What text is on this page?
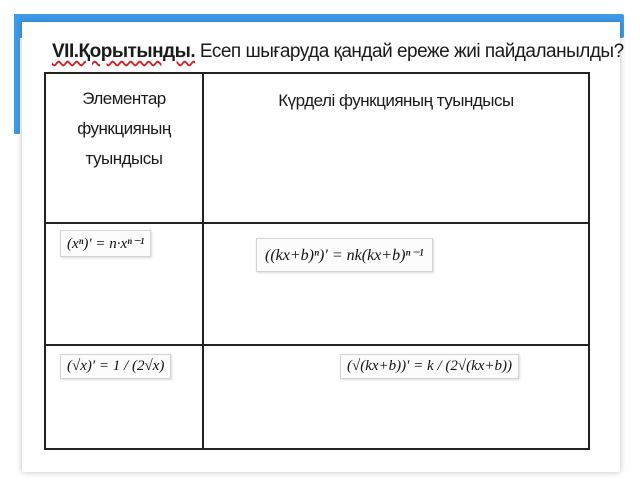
VII.Қорытынды. Есеп шығаруда қандай ереже жиі пайдаланылды?
Элементар функцияның туындысы	Күрделі функцияның туындысы

(xⁿ)′ = n·xⁿ⁻¹	((kx+b)ⁿ)′ = nk(kx+b)ⁿ⁻¹
(√x)′ = 1 / (2√x)	(√(kx+b))′ = k / (2√(kx+b))
